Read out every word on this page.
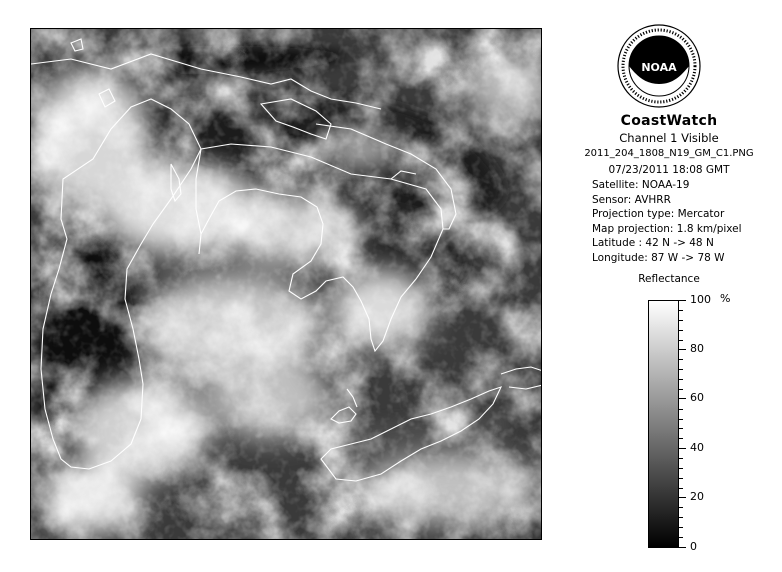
NOAA
CoastWatch
Channel 1 Visible
2011_204_1808_N19_GM_C1.PNG
07/23/2011 18:08 GMT
Satellite: NOAA-19
Sensor: AVHRR
Projection type: Mercator
Map projection: 1.8 km/pixel
Latitude : 42 N -> 48 N
Longitude: 87 W -> 78 W
Reflectance
%
100
80
60
40
20
0
